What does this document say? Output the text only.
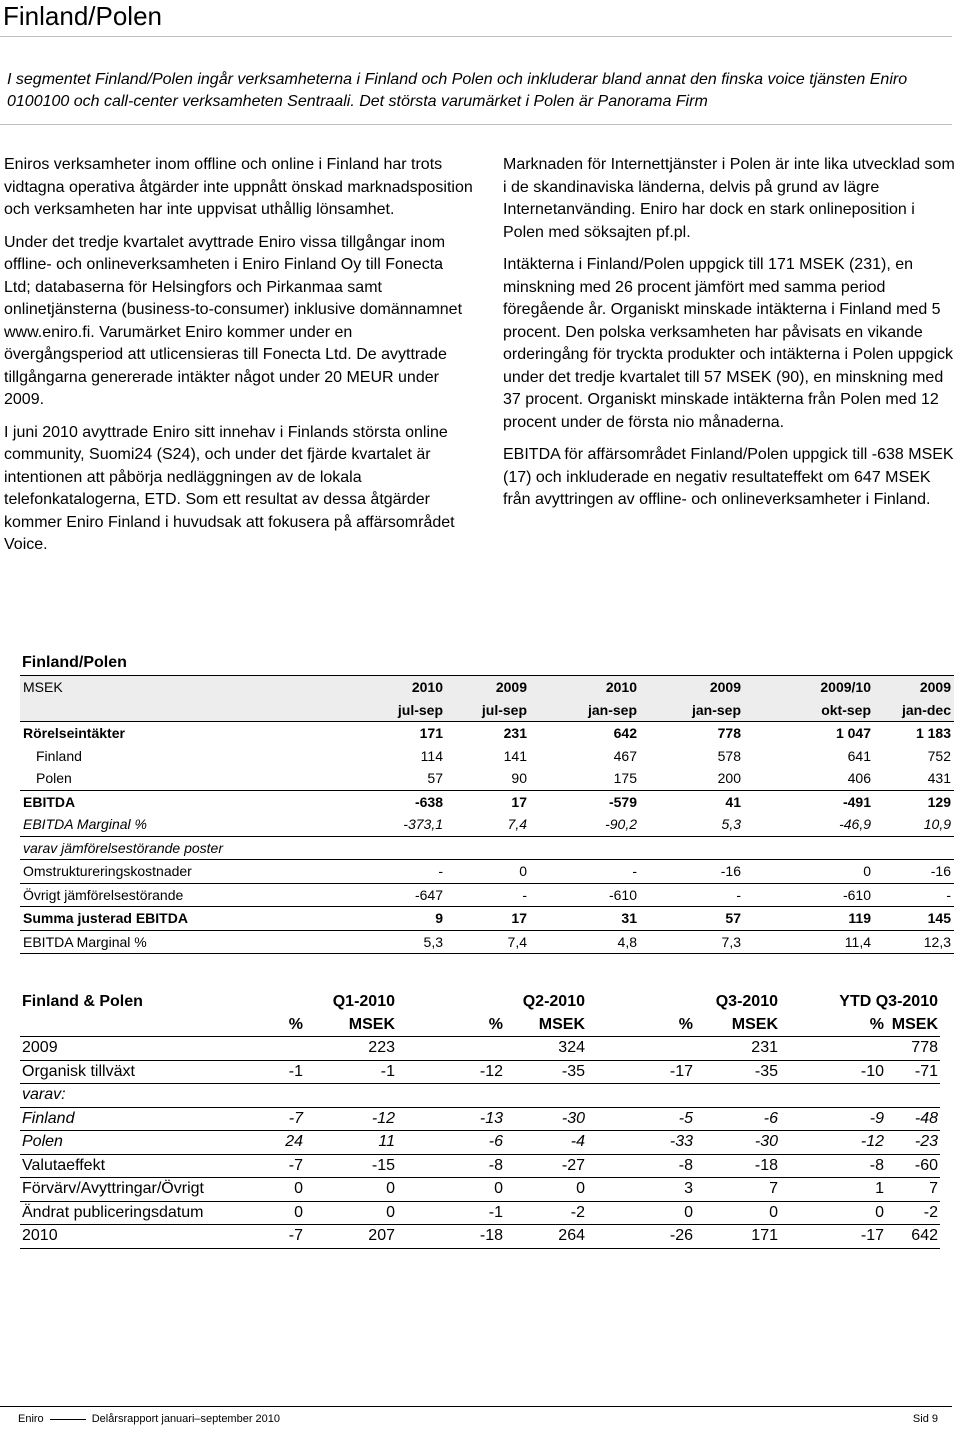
Finland/Polen
I segmentet Finland/Polen ingår verksamheterna i Finland och Polen och inkluderar bland annat den finska voice tjänsten Eniro 0100100 och call-center verksamheten Sentraali. Det största varumärket i Polen är Panorama Firm

Eniros verksamheter inom offline och online i Finland har trots vidtagna operativa åtgärder inte uppnått önskad marknadsposition och verksamheten har inte uppvisat uthållig lönsamhet.

Under det tredje kvartalet avyttrade Eniro vissa tillgångar inom offline- och onlineverksamheten i Eniro Finland Oy till Fonecta Ltd; databaserna för Helsingfors och Pirkanmaa samt onlinetjänsterna (business-to-consumer) inklusive domännamnet www.eniro.fi. Varumärket Eniro kommer under en övergångsperiod att utlicensieras till Fonecta Ltd. De avyttrade tillgångarna genererade intäkter något under 20 MEUR under 2009.

I juni 2010 avyttrade Eniro sitt innehav i Finlands största online community, Suomi24 (S24), och under det fjärde kvartalet är intentionen att påbörja nedläggningen av de lokala telefonkatalogerna, ETD. Som ett resultat av dessa åtgärder kommer Eniro Finland i huvudsak att fokusera på affärsområdet Voice.

Marknaden för Internettjänster i Polen är inte lika utvecklad som i de skandinaviska länderna, delvis på grund av lägre Internetanvänding. Eniro har dock en stark onlineposition i Polen med söksajten pf.pl.

Intäkterna i Finland/Polen uppgick till 171 MSEK (231), en minskning med 26 procent jämfört med samma period föregående år. Organiskt minskade intäkterna i Finland med 5 procent. Den polska verksamheten har påvisats en vikande orderingång för tryckta produkter och intäkterna i Polen uppgick under det tredje kvartalet till 57 MSEK (90), en minskning med 37 procent. Organiskt minskade intäkterna från Polen med 12 procent under de första nio månaderna.

EBITDA för affärsområdet Finland/Polen uppgick till -638 MSEK (17) och inkluderade en negativ resultateffekt om 647 MSEK från avyttringen av offline- och onlineverksamheter i Finland.

Finland/Polen						
MSEK	2010	2009	2010	2009	2009/10	2009
	jul-sep	jul-sep	jan-sep	jan-sep	okt-sep	jan-dec
Rörelseintäkter	171	231	642	778	1 047	1 183
Finland	114	141	467	578	641	752
Polen	57	90	175	200	406	431
EBITDA	-638	17	-579	41	-491	129
EBITDA Marginal %	-373,1	7,4	-90,2	5,3	-46,9	10,9
varav jämförelsestörande poster						
Omstruktureringskostnader	-	0	-	-16	0	-16
Övrigt jämförelsestörande	-647	-	-610	-	-610	-
Summa justerad EBITDA	9	17	31	57	119	145
EBITDA Marginal %	5,3	7,4	4,8	7,3	11,4	12,3
Finland & Polen	Q1-2010		Q2-2010		Q3-2010		YTD Q3-2010	
	%	MSEK	%	MSEK	%	MSEK	%	MSEK
2009		223		324		231		778
Organisk tillväxt	-1	-1	-12	-35	-17	-35	-10	-71
varav:								
Finland	-7	-12	-13	-30	-5	-6	-9	-48
Polen	24	11	-6	-4	-33	-30	-12	-23
Valutaeffekt	-7	-15	-8	-27	-8	-18	-8	-60
Förvärv/Avyttringar/Övrigt	0	0	0	0	3	7	1	7
Ändrat publiceringsdatum	0	0	-1	-2	0	0	0	-2
2010	-7	207	-18	264	-26	171	-17	642
Eniro	Delårsrapport januari–september 2010	Sid 9
